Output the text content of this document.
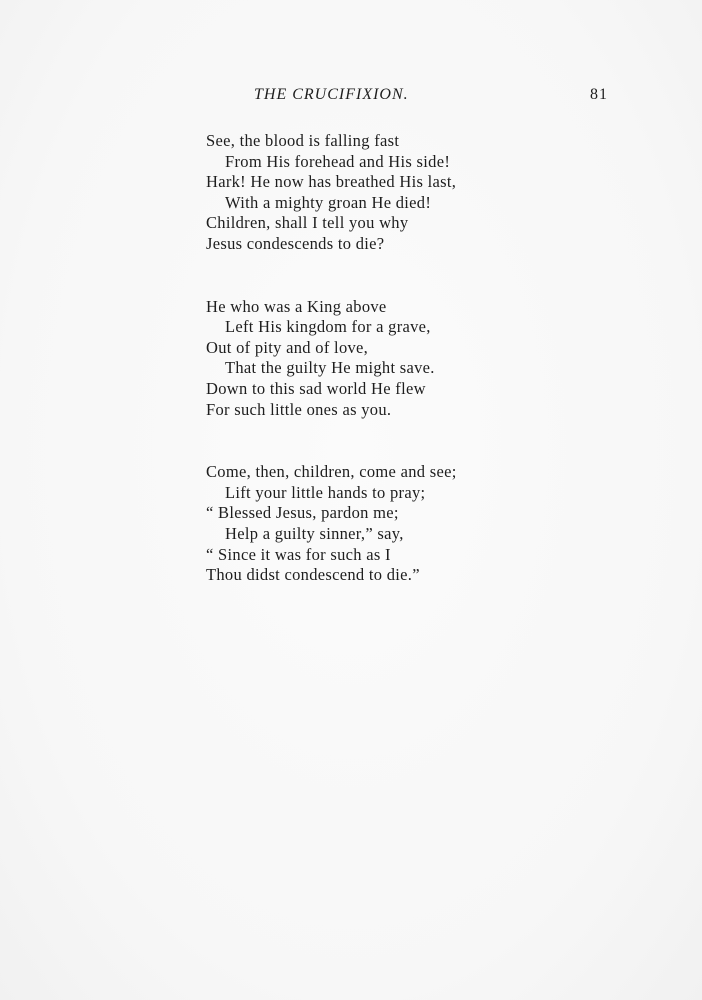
THE CRUCIFIXION.	81
See, the blood is falling fast
From His forehead and His side!
Hark! He now has breathed His last,
With a mighty groan He died!
Children, shall I tell you why
Jesus condescends to die?
He who was a King above
Left His kingdom for a grave,
Out of pity and of love,
That the guilty He might save.
Down to this sad world He flew
For such little ones as you.
Come, then, children, come and see;
Lift your little hands to pray;
“ Blessed Jesus, pardon me;
Help a guilty sinner,” say,
“ Since it was for such as I
Thou didst condescend to die.”
